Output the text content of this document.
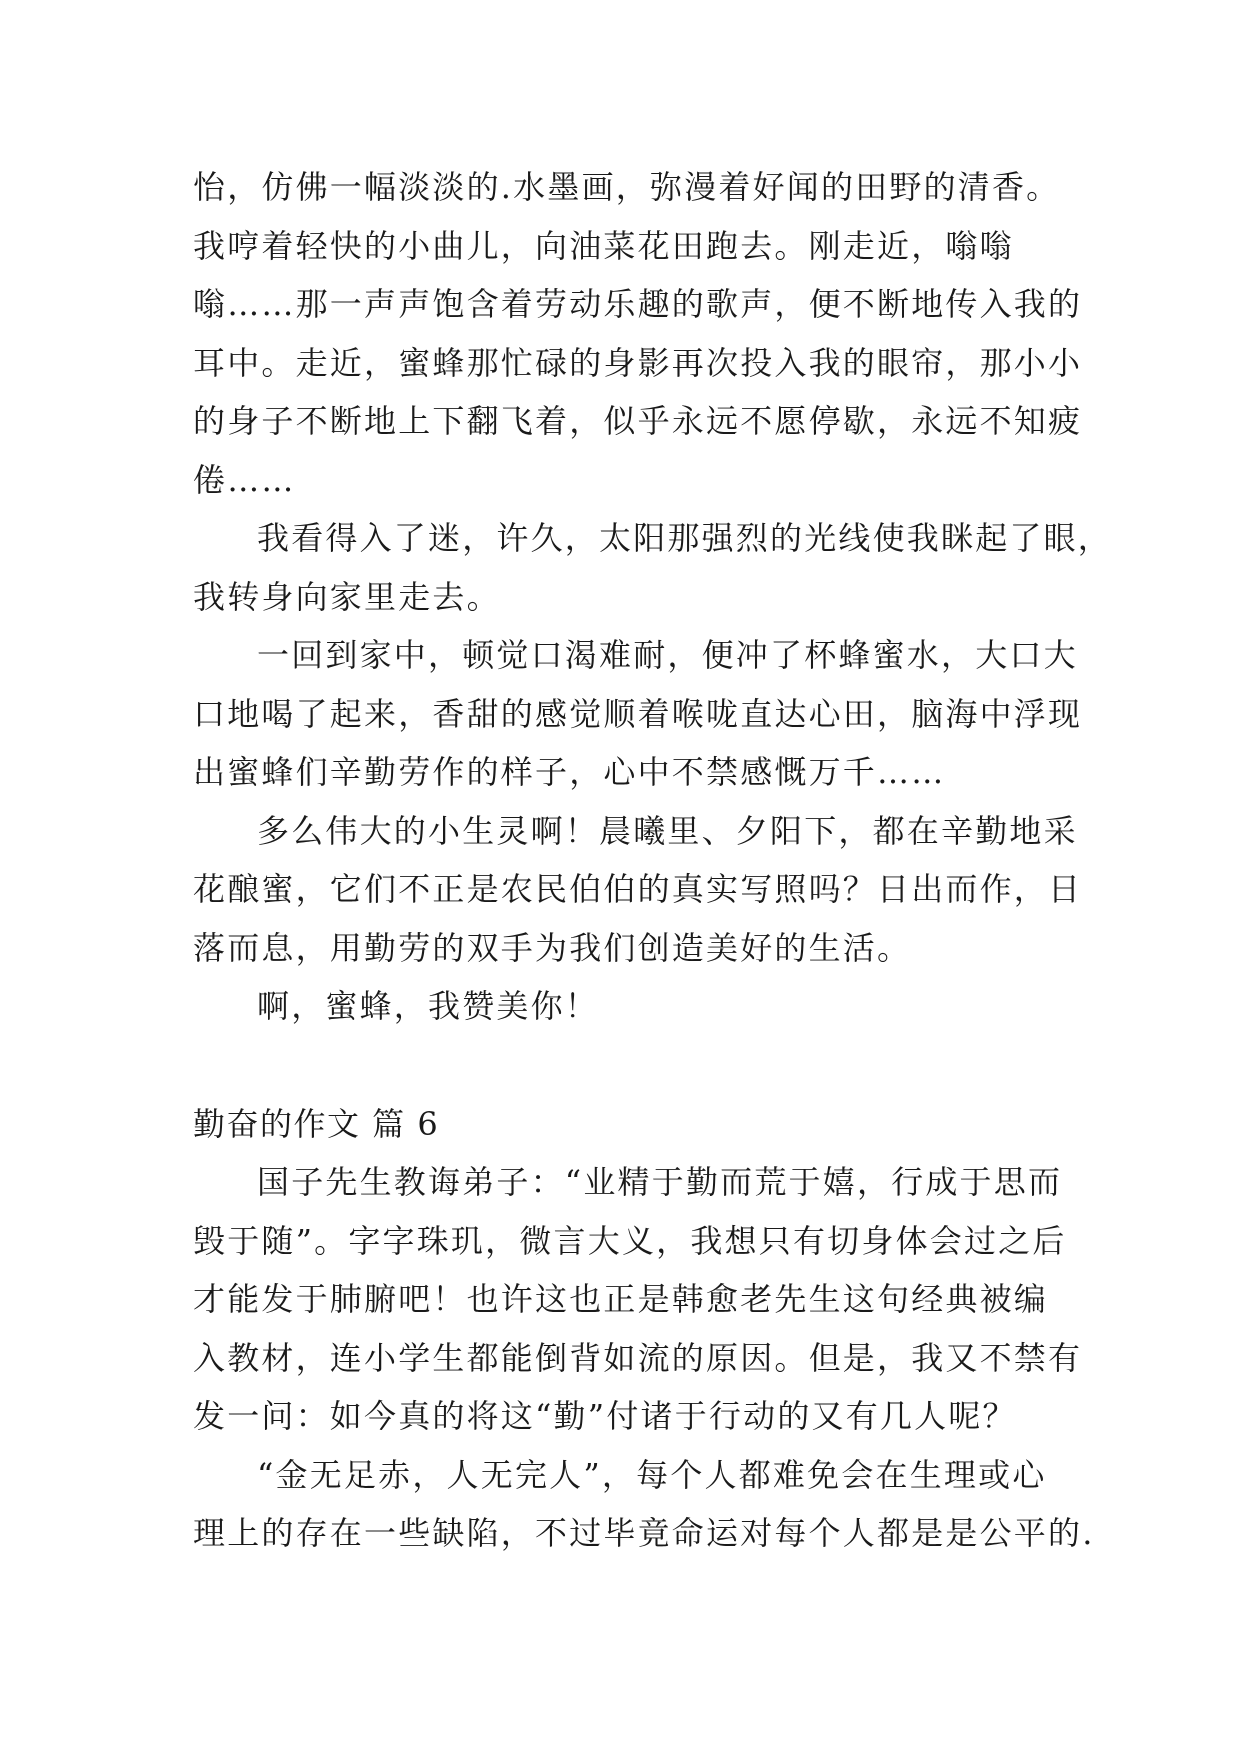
怡，仿佛一幅淡淡的.水墨画，弥漫着好闻的田野的清香。
我哼着轻快的小曲儿，向油菜花田跑去。刚走近，嗡嗡
嗡……那一声声饱含着劳动乐趣的歌声，便不断地传入我的
耳中。走近，蜜蜂那忙碌的身影再次投入我的眼帘，那小小
的身子不断地上下翻飞着，似乎永远不愿停歇，永远不知疲
倦……
我看得入了迷，许久，太阳那强烈的光线使我眯起了眼，
我转身向家里走去。
一回到家中，顿觉口渴难耐，便冲了杯蜂蜜水，大口大
口地喝了起来，香甜的感觉顺着喉咙直达心田，脑海中浮现
出蜜蜂们辛勤劳作的样子，心中不禁感慨万千……
多么伟大的小生灵啊！晨曦里、夕阳下，都在辛勤地采
花酿蜜，它们不正是农民伯伯的真实写照吗？日出而作，日
落而息，用勤劳的双手为我们创造美好的生活。
啊，蜜蜂，我赞美你！
勤奋的作文 篇 6
国子先生教诲弟子：“业精于勤而荒于嬉，行成于思而
毁于随”。字字珠玑，微言大义，我想只有切身体会过之后
才能发于肺腑吧！也许这也正是韩愈老先生这句经典被编
入教材，连小学生都能倒背如流的原因。但是，我又不禁有
发一问：如今真的将这“勤”付诸于行动的又有几人呢？
“金无足赤，人无完人”，每个人都难免会在生理或心
理上的存在一些缺陷，不过毕竟命运对每个人都是是公平的.
